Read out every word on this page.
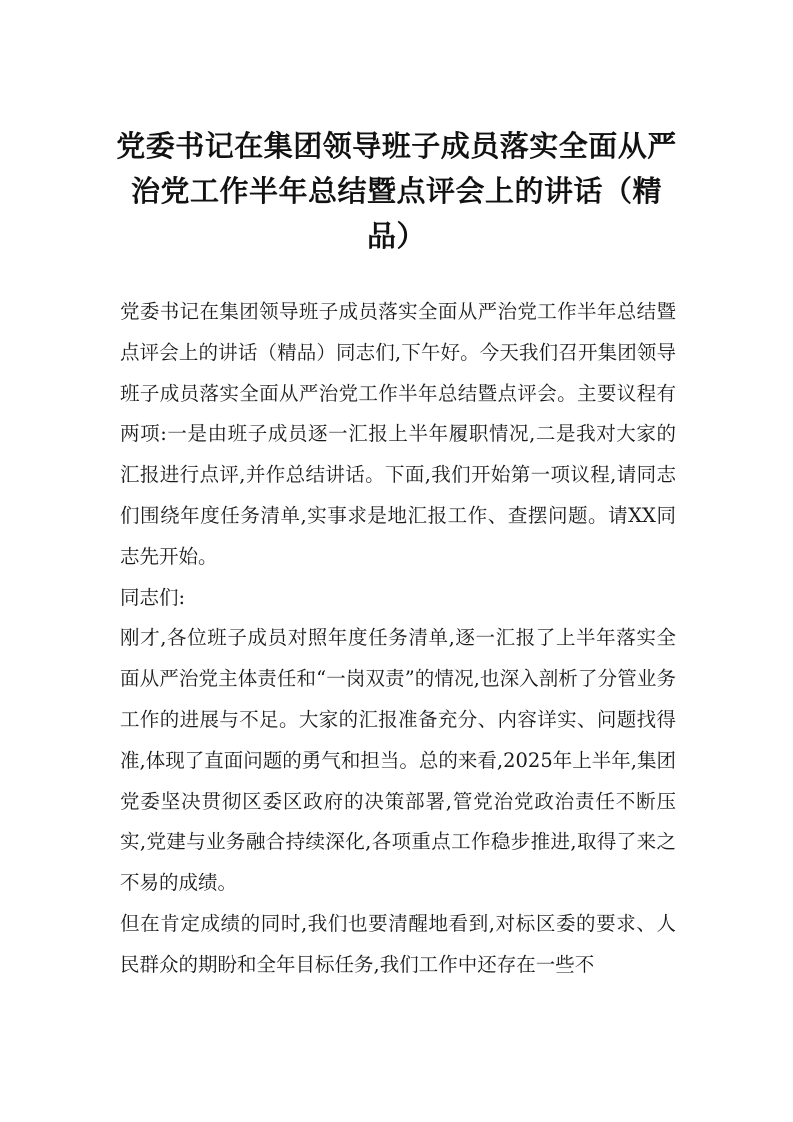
党委书记在集团领导班子成员落实全面从严治党工作半年总结暨点评会上的讲话（精品）

党委书记在集团领导班子成员落实全面从严治党工作半年总结暨点评会上的讲话（精品）同志们,下午好。今天我们召开集团领导班子成员落实全面从严治党工作半年总结暨点评会。主要议程有两项:一是由班子成员逐一汇报上半年履职情况,二是我对大家的汇报进行点评,并作总结讲话。下面,我们开始第一项议程,请同志们围绕年度任务清单,实事求是地汇报工作、查摆问题。请XX同志先开始。

同志们:

刚才,各位班子成员对照年度任务清单,逐一汇报了上半年落实全面从严治党主体责任和“一岗双责”的情况,也深入剖析了分管业务工作的进展与不足。大家的汇报准备充分、内容详实、问题找得准,体现了直面问题的勇气和担当。总的来看,2025年上半年,集团党委坚决贯彻区委区政府的决策部署,管党治党政治责任不断压实,党建与业务融合持续深化,各项重点工作稳步推进,取得了来之不易的成绩。

但在肯定成绩的同时,我们也要清醒地看到,对标区委的要求、人民群众的期盼和全年目标任务,我们工作中还存在一些不
